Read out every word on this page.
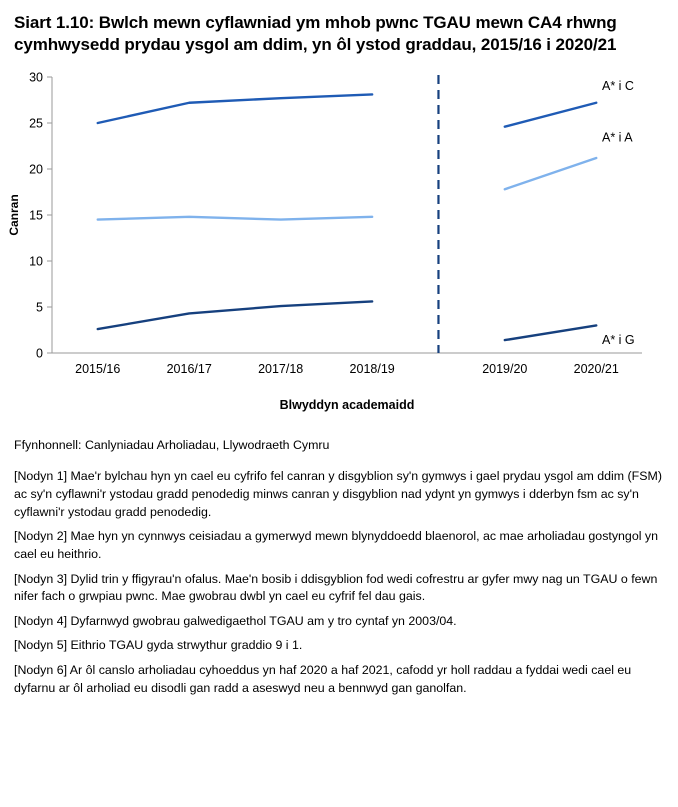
Siart 1.10: Bwlch mewn cyflawniad ym mhob pwnc TGAU mewn CA4 rhwng cymhwysedd prydau ysgol am ddim, yn ôl ystod graddau, 2015/16 i 2020/21
0
5
10
15
20
25
30
2015/16	2016/17	2017/18	2018/19	2019/20	2020/21
A* i C
A* i A
A* i G
Canran
Blwyddyn academaidd
Ffynhonnell: Canlyniadau Arholiadau, Llywodraeth Cymru

[Nodyn 1] Mae'r bylchau hyn yn cael eu cyfrifo fel canran y disgyblion sy'n gymwys i gael prydau ysgol am ddim (FSM) ac sy'n cyflawni'r ystodau gradd penodedig minws canran y disgyblion nad ydynt yn gymwys i dderbyn fsm ac sy'n cyflawni'r ystodau gradd penodedig.

[Nodyn 2] Mae hyn yn cynnwys ceisiadau a gymerwyd mewn blynyddoedd blaenorol, ac mae arholiadau gostyngol yn cael eu heithrio.

[Nodyn 3] Dylid trin y ffigyrau'n ofalus. Mae'n bosib i ddisgyblion fod wedi cofrestru ar gyfer mwy nag un TGAU o fewn nifer fach o grwpiau pwnc. Mae gwobrau dwbl yn cael eu cyfrif fel dau gais.

[Nodyn 4] Dyfarnwyd gwobrau galwedigaethol TGAU am y tro cyntaf yn 2003/04.

[Nodyn 5] Eithrio TGAU gyda strwythur graddio 9 i 1.

[Nodyn 6] Ar ôl canslo arholiadau cyhoeddus yn haf 2020 a haf 2021, cafodd yr holl raddau a fyddai wedi cael eu dyfarnu ar ôl arholiad eu disodli gan radd a aseswyd neu a bennwyd gan ganolfan.
